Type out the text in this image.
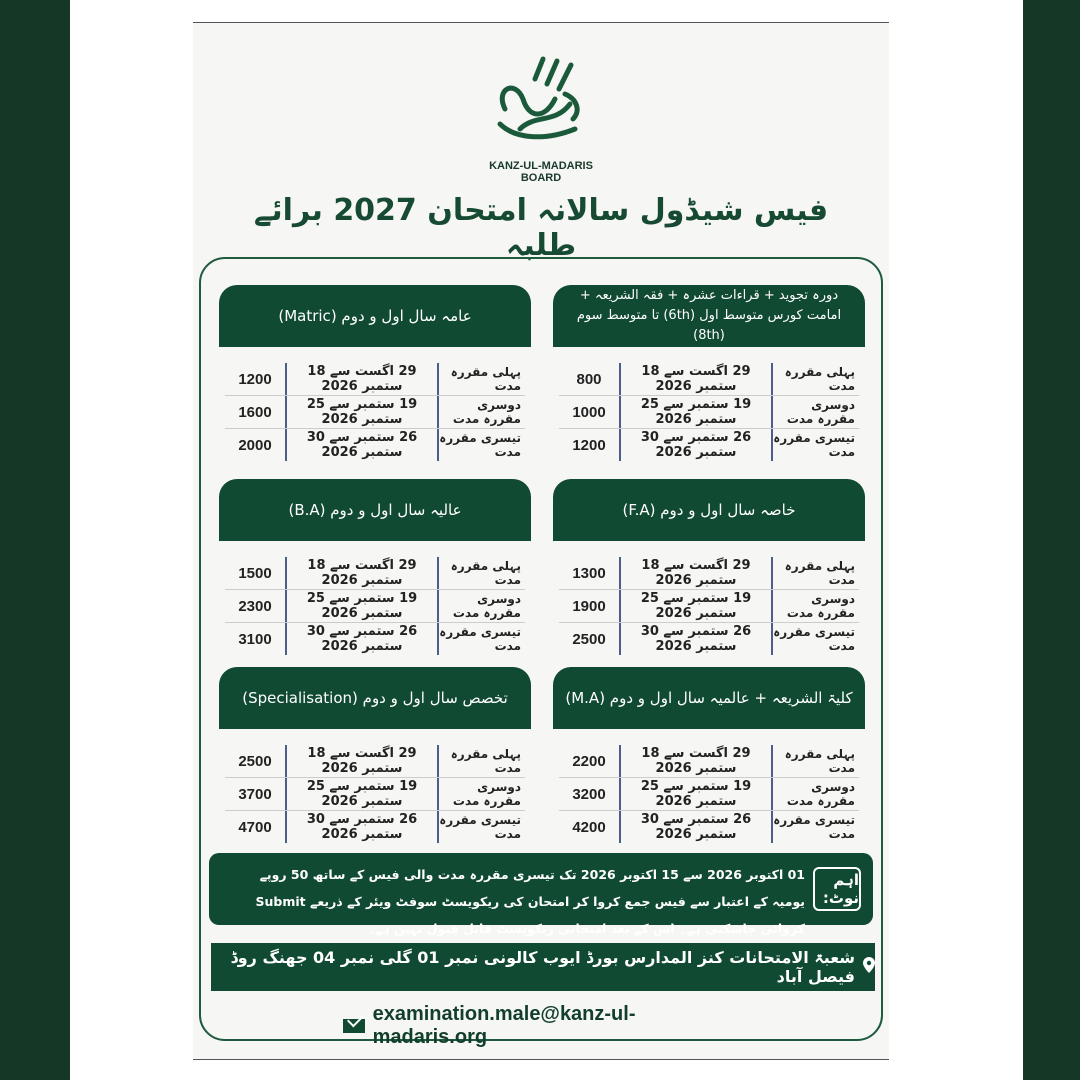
KANZ-UL-MADARIS
BOARD
فیس شیڈول سالانہ امتحان 2027 برائے طلبہ
دورہ تجوید + قراءات عشرہ + فقہ الشریعہ + امامت کورس متوسط اول (6th) تا متوسط سوم (8th)
پہلی مقررہ مدت
29 اگست سے 18 ستمبر 2026
800
دوسری مقررہ مدت
19 ستمبر سے 25 ستمبر 2026
1000
تیسری مقررہ مدت
26 ستمبر سے 30 ستمبر 2026
1200
عامہ سال اول و دوم (Matric)
پہلی مقررہ مدت
29 اگست سے 18 ستمبر 2026
1200
دوسری مقررہ مدت
19 ستمبر سے 25 ستمبر 2026
1600
تیسری مقررہ مدت
26 ستمبر سے 30 ستمبر 2026
2000
خاصہ سال اول و دوم (F.A)
پہلی مقررہ مدت
29 اگست سے 18 ستمبر 2026
1300
دوسری مقررہ مدت
19 ستمبر سے 25 ستمبر 2026
1900
تیسری مقررہ مدت
26 ستمبر سے 30 ستمبر 2026
2500
عالیہ سال اول و دوم (B.A)
پہلی مقررہ مدت
29 اگست سے 18 ستمبر 2026
1500
دوسری مقررہ مدت
19 ستمبر سے 25 ستمبر 2026
2300
تیسری مقررہ مدت
26 ستمبر سے 30 ستمبر 2026
3100
کلیۃ الشریعہ + عالمیہ سال اول و دوم (M.A)
پہلی مقررہ مدت
29 اگست سے 18 ستمبر 2026
2200
دوسری مقررہ مدت
19 ستمبر سے 25 ستمبر 2026
3200
تیسری مقررہ مدت
26 ستمبر سے 30 ستمبر 2026
4200
تخصص سال اول و دوم (Specialisation)
پہلی مقررہ مدت
29 اگست سے 18 ستمبر 2026
2500
دوسری مقررہ مدت
19 ستمبر سے 25 ستمبر 2026
3700
تیسری مقررہ مدت
26 ستمبر سے 30 ستمبر 2026
4700
اہم نوٹ:
01 اکتوبر 2026 سے 15 اکتوبر 2026 تک تیسری مقررہ مدت والی فیس کے ساتھ 50 روپے یومیہ کے اعتبار سے فیس جمع کروا کر امتحان کی ریکویسٹ سوفٹ ویئر کے ذریعے Submit کروائی جاسکتی ہے۔ اس کے بعد امتحانی ریکویسٹ قابل قبول نہیں ہے۔
شعبۃ الامتحانات کنز المدارس بورڈ ایوب کالونی نمبر 01 گلی نمبر 04 جھنگ روڈ فیصل آباد
examination.male@kanz-ul-madaris.org
